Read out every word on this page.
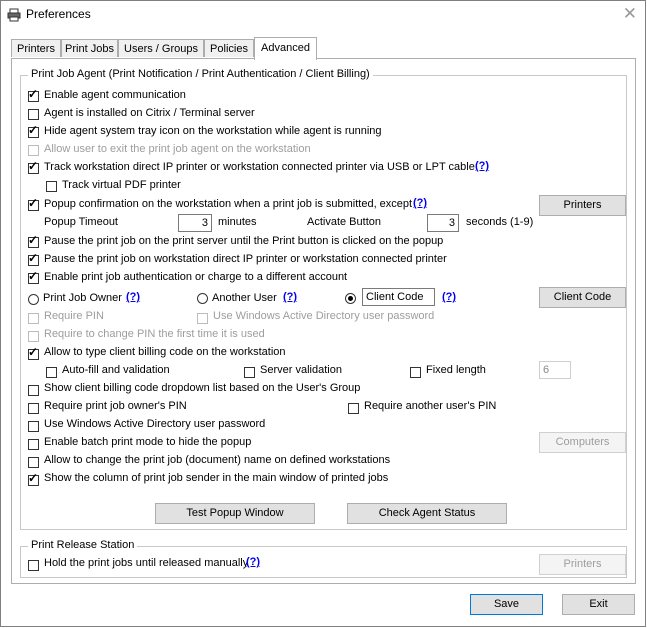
Preferences	✕
Printers Print Jobs Users / Groups	Policies	Advanced
Print Job Agent (Print Notification / Print Authentication / Client Billing)
✓ Enable agent communication
Agent is installed on Citrix / Terminal server
✓ Hide agent system tray icon on the workstation while agent is running
Allow user to exit the print job agent on the workstation
✓ Track workstation direct IP printer or workstation connected printer via USB or LPT cable (?)
Track virtual PDF printer
✓ Popup confirmation on the workstation when a print job is submitted, except (?)	Printers
Popup Timeout	3 minutes	Activate Button	3	seconds (1-9)
✓ Pause the print job on the print server until the Print button is clicked on the popup
✓ Pause the print job on workstation direct IP printer or workstation connected printer
✓ Enable print job authentication or charge to a different account
Print Job Owner (?)	Another User (?)	Client Code	(?)	Client Code
Require PIN	Use Windows Active Directory user password
Require to change PIN the first time it is used
✓ Allow to type client billing code on the workstation
Auto-fill and validation	Server validation	Fixed length	6
Show client billing code dropdown list based on the User's Group
Require print job owner's PIN	Require another user's PIN
Use Windows Active Directory user password
Enable batch print mode to hide the popup	Computers
Allow to change the print job (document) name on defined workstations
✓ Show the column of print job sender in the main window of printed jobs
Test Popup Window	Check Agent Status
Print Release Station
Hold the print jobs until released manually
(?)	Printers
Save	Exit
